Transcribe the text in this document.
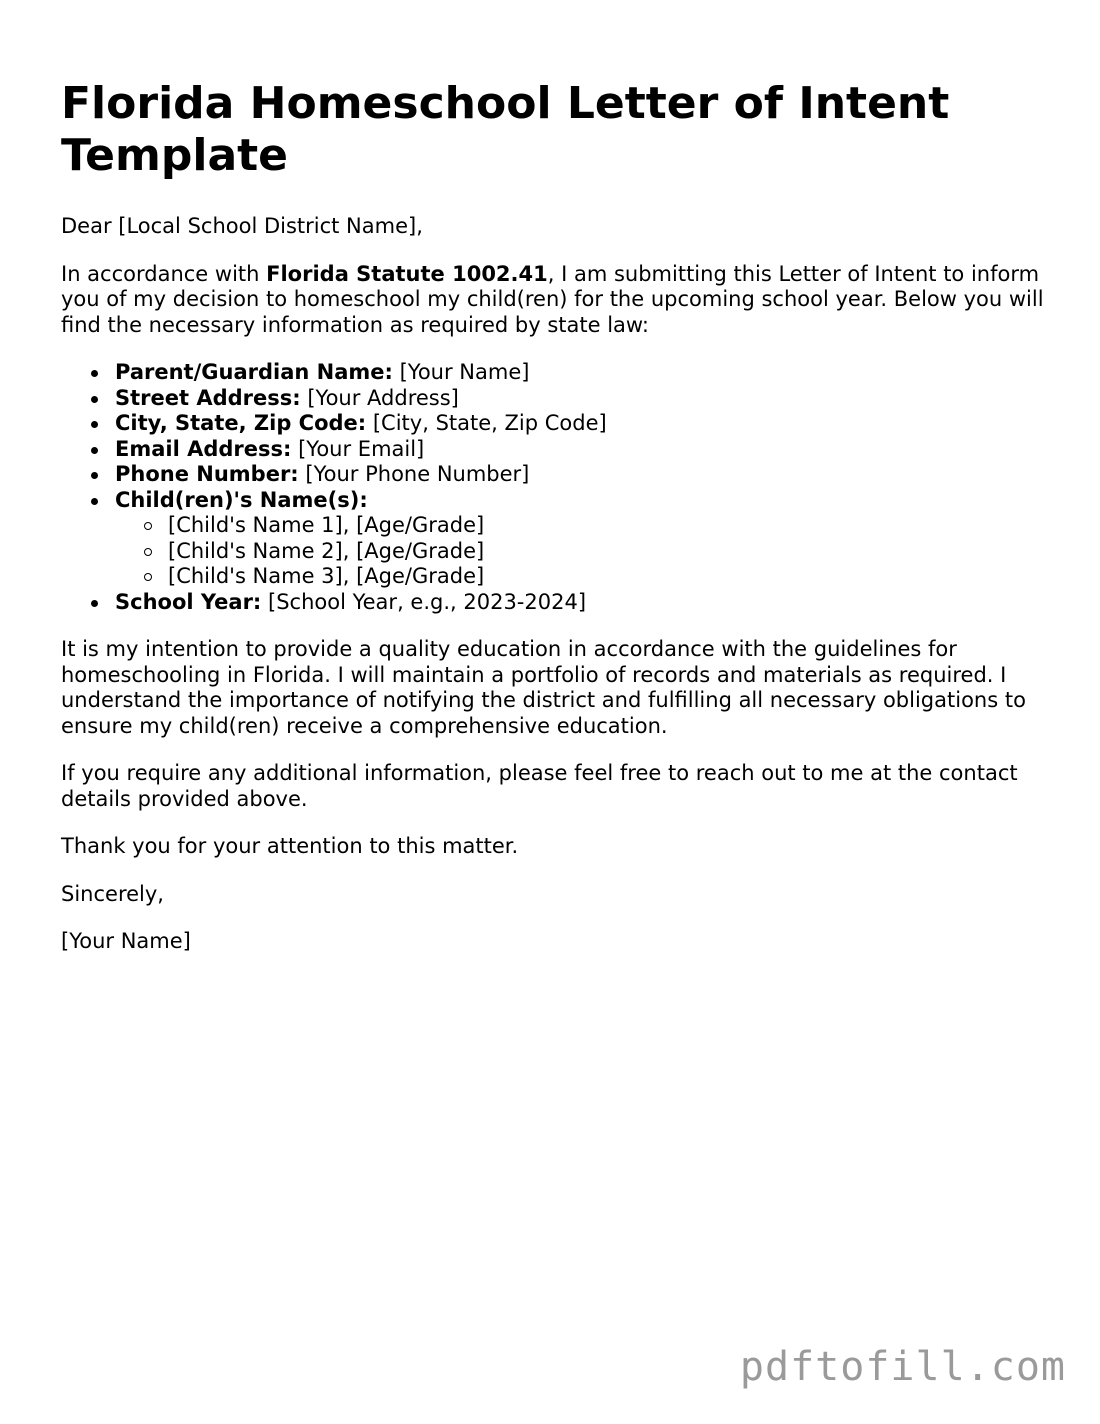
Florida Homeschool Letter of Intent Template

Dear [Local School District Name],

In accordance with Florida Statute 1002.41, I am submitting this Letter of Intent to inform you of my decision to homeschool my child(ren) for the upcoming school year. Below you will find the necessary information as required by state law:

Parent/Guardian Name: [Your Name]
Street Address: [Your Address]
City, State, Zip Code: [City, State, Zip Code]
Email Address: [Your Email]
Phone Number: [Your Phone Number]
Child(ren)'s Name(s):
[Child's Name 1], [Age/Grade]
[Child's Name 2], [Age/Grade]
[Child's Name 3], [Age/Grade]
School Year: [School Year, e.g., 2023-2024]

It is my intention to provide a quality education in accordance with the guidelines for homeschooling in Florida. I will maintain a portfolio of records and materials as required. I understand the importance of notifying the district and fulfilling all necessary obligations to ensure my child(ren) receive a comprehensive education.

If you require any additional information, please feel free to reach out to me at the contact details provided above.

Thank you for your attention to this matter.

Sincerely,

[Your Name]

pdftofill.com
